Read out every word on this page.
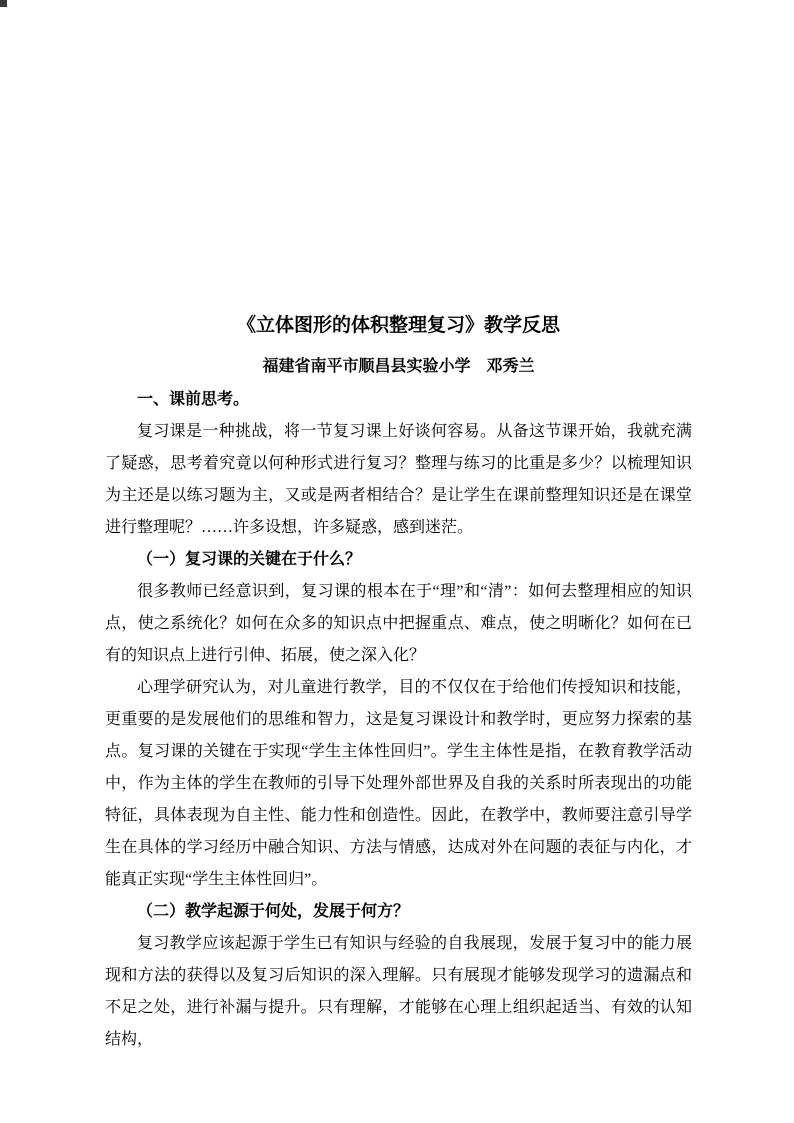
《立体图形的体积整理复习》教学反思
福建省南平市顺昌县实验小学　邓秀兰

一、课前思考。

复习课是一种挑战，将一节复习课上好谈何容易。从备这节课开始，我就充满了疑惑，思考着究竟以何种形式进行复习？整理与练习的比重是多少？以梳理知识为主还是以练习题为主，又或是两者相结合？是让学生在课前整理知识还是在课堂进行整理呢？……许多设想，许多疑惑，感到迷茫。

（一）复习课的关键在于什么？

很多教师已经意识到，复习课的根本在于“理”和“清”：如何去整理相应的知识点，使之系统化？如何在众多的知识点中把握重点、难点，使之明晰化？如何在已有的知识点上进行引伸、拓展，使之深入化？

心理学研究认为，对儿童进行教学，目的不仅仅在于给他们传授知识和技能，更重要的是发展他们的思维和智力，这是复习课设计和教学时，更应努力探索的基点。复习课的关键在于实现“学生主体性回归”。学生主体性是指，在教育教学活动中，作为主体的学生在教师的引导下处理外部世界及自我的关系时所表现出的功能特征，具体表现为自主性、能力性和创造性。因此，在教学中，教师要注意引导学生在具体的学习经历中融合知识、方法与情感，达成对外在问题的表征与内化，才能真正实现“学生主体性回归”。

（二）教学起源于何处，发展于何方？

复习教学应该起源于学生已有知识与经验的自我展现，发展于复习中的能力展现和方法的获得以及复习后知识的深入理解。只有展现才能够发现学习的遗漏点和不足之处，进行补漏与提升。只有理解，才能够在心理上组织起适当、有效的认知结构，
